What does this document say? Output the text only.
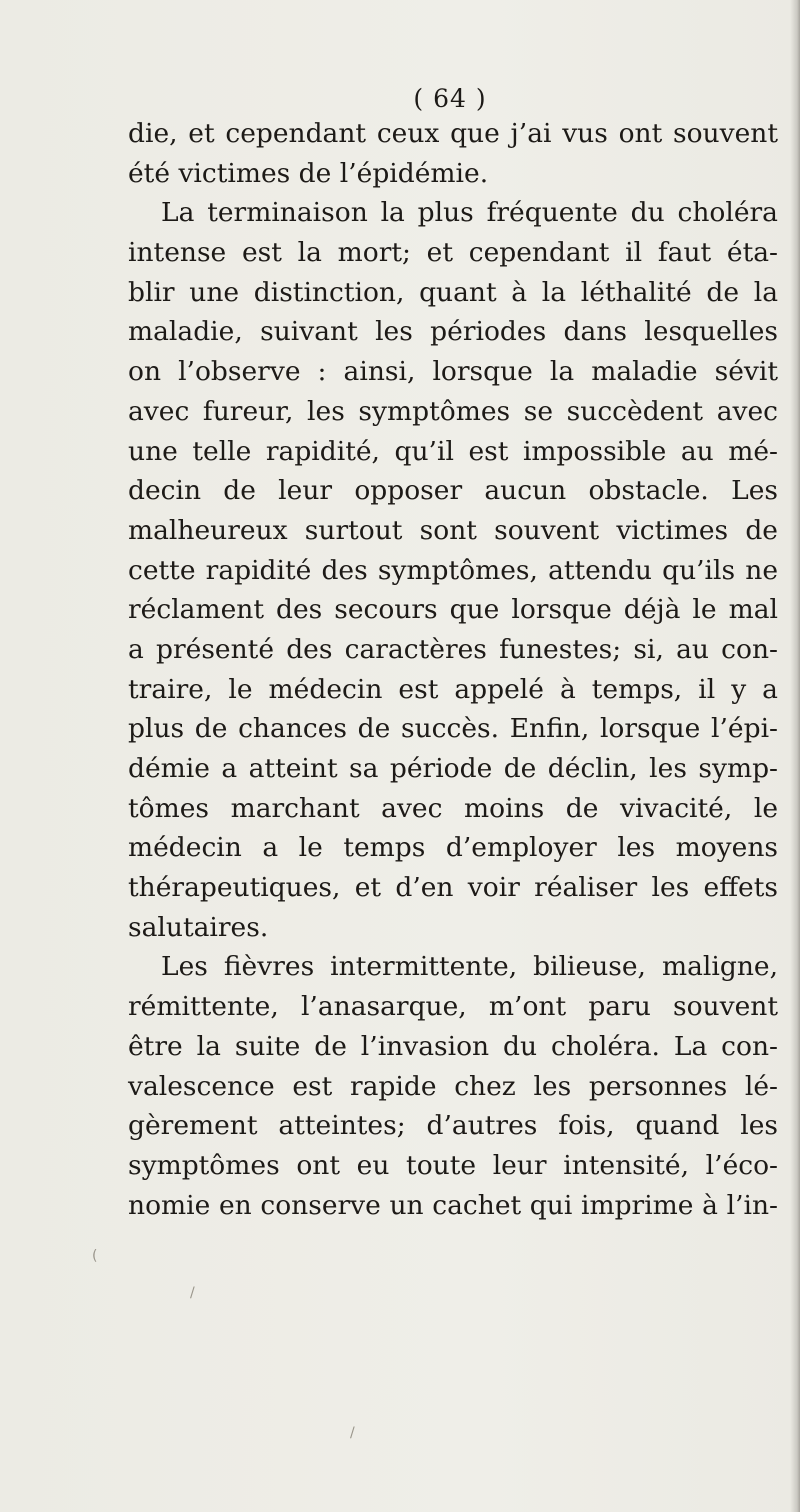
( 64 )
die, et cependant ceux que j’ai vus ont souvent
été victimes de l’épidémie.
La terminaison la plus fréquente du choléra
intense est la mort; et cependant il faut éta-
blir une distinction, quant à la léthalité de la
maladie, suivant les périodes dans lesquelles
on l’observe : ainsi, lorsque la maladie sévit
avec fureur, les symptômes se succèdent avec
une telle rapidité, qu’il est impossible au mé-
decin de leur opposer aucun obstacle. Les
malheureux surtout sont souvent victimes de
cette rapidité des symptômes, attendu qu’ils ne
réclament des secours que lorsque déjà le mal
a présenté des caractères funestes; si, au con-
traire, le médecin est appelé à temps, il y a
plus de chances de succès. Enfin, lorsque l’épi-
démie a atteint sa période de déclin, les symp-
tômes marchant avec moins de vivacité, le
médecin a le temps d’employer les moyens
thérapeutiques, et d’en voir réaliser les effets
salutaires.
Les fièvres intermittente, bilieuse, maligne,
rémittente, l’anasarque, m’ont paru souvent
être la suite de l’invasion du choléra. La con-
valescence est rapide chez les personnes lé-
gèrement atteintes; d’autres fois, quand les
symptômes ont eu toute leur intensité, l’éco-
nomie en conserve un cachet qui imprime à l’in-
(
/
/
